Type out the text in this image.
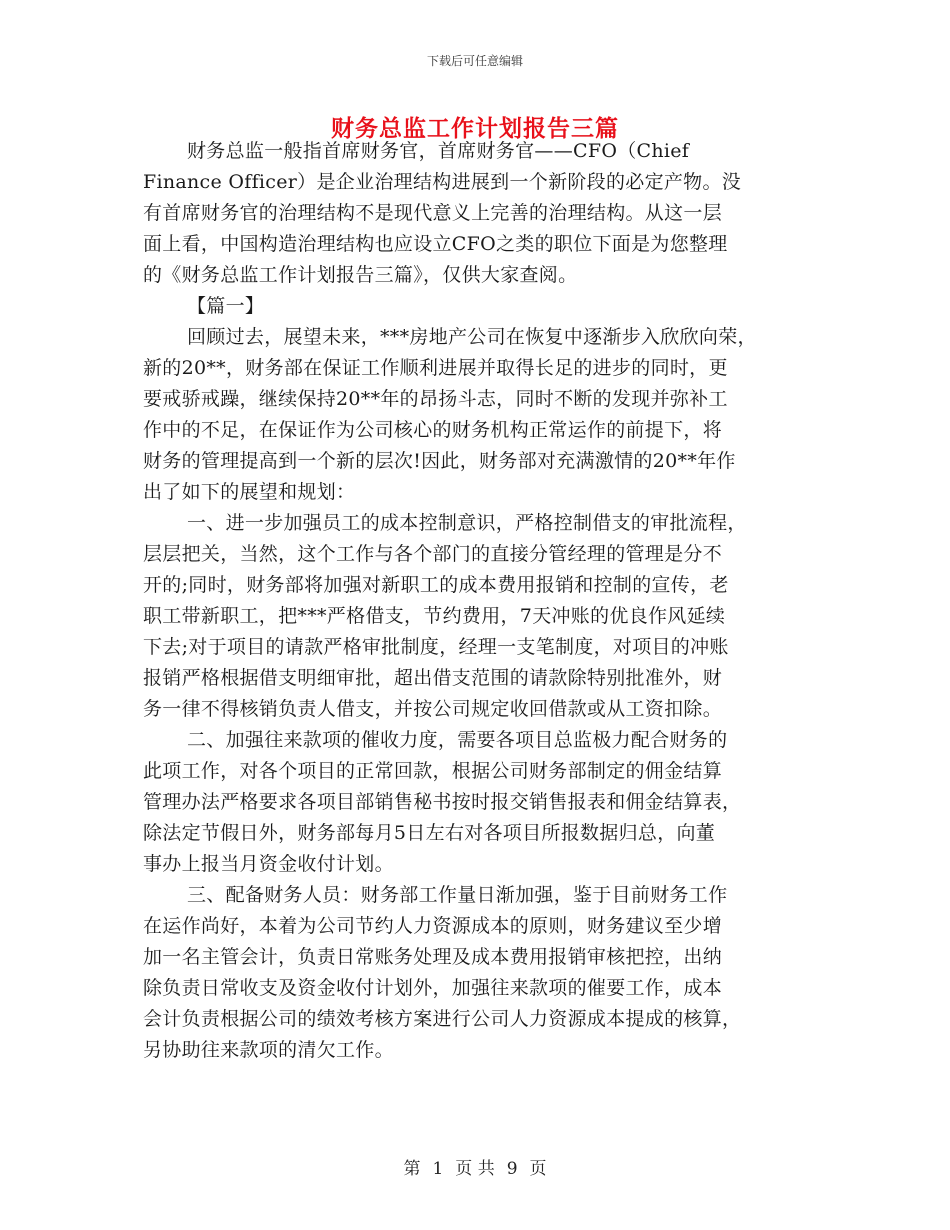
下载后可任意编辑
财务总监工作计划报告三篇
财务总监一般指首席财务官，首席财务官——CFO（Chief
Finance Officer）是企业治理结构进展到一个新阶段的必定产物。没
有首席财务官的治理结构不是现代意义上完善的治理结构。从这一层
面上看，中国构造治理结构也应设立CFO之类的职位下面是为您整理
的《财务总监工作计划报告三篇》，仅供大家查阅。
【篇一】
回顾过去，展望未来，***房地产公司在恢复中逐渐步入欣欣向荣，
新的20**，财务部在保证工作顺利进展并取得长足的进步的同时，更
要戒骄戒躁，继续保持20**年的昂扬斗志，同时不断的发现并弥补工
作中的不足，在保证作为公司核心的财务机构正常运作的前提下，将
财务的管理提高到一个新的层次!因此，财务部对充满激情的20**年作
出了如下的展望和规划：
一、进一步加强员工的成本控制意识，严格控制借支的审批流程，
层层把关，当然，这个工作与各个部门的直接分管经理的管理是分不
开的;同时，财务部将加强对新职工的成本费用报销和控制的宣传，老
职工带新职工，把***严格借支，节约费用，7天冲账的优良作风延续
下去;对于项目的请款严格审批制度，经理一支笔制度，对项目的冲账
报销严格根据借支明细审批，超出借支范围的请款除特别批准外，财
务一律不得核销负责人借支，并按公司规定收回借款或从工资扣除。
二、加强往来款项的催收力度，需要各项目总监极力配合财务的
此项工作，对各个项目的正常回款，根据公司财务部制定的佣金结算
管理办法严格要求各项目部销售秘书按时报交销售报表和佣金结算表，
除法定节假日外，财务部每月5日左右对各项目所报数据归总，向董
事办上报当月资金收付计划。
三、配备财务人员：财务部工作量日渐加强，鉴于目前财务工作
在运作尚好，本着为公司节约人力资源成本的原则，财务建议至少增
加一名主管会计，负责日常账务处理及成本费用报销审核把控，出纳
除负责日常收支及资金收付计划外，加强往来款项的催要工作，成本
会计负责根据公司的绩效考核方案进行公司人力资源成本提成的核算，
另协助往来款项的清欠工作。
第 1 页 共 9 页
